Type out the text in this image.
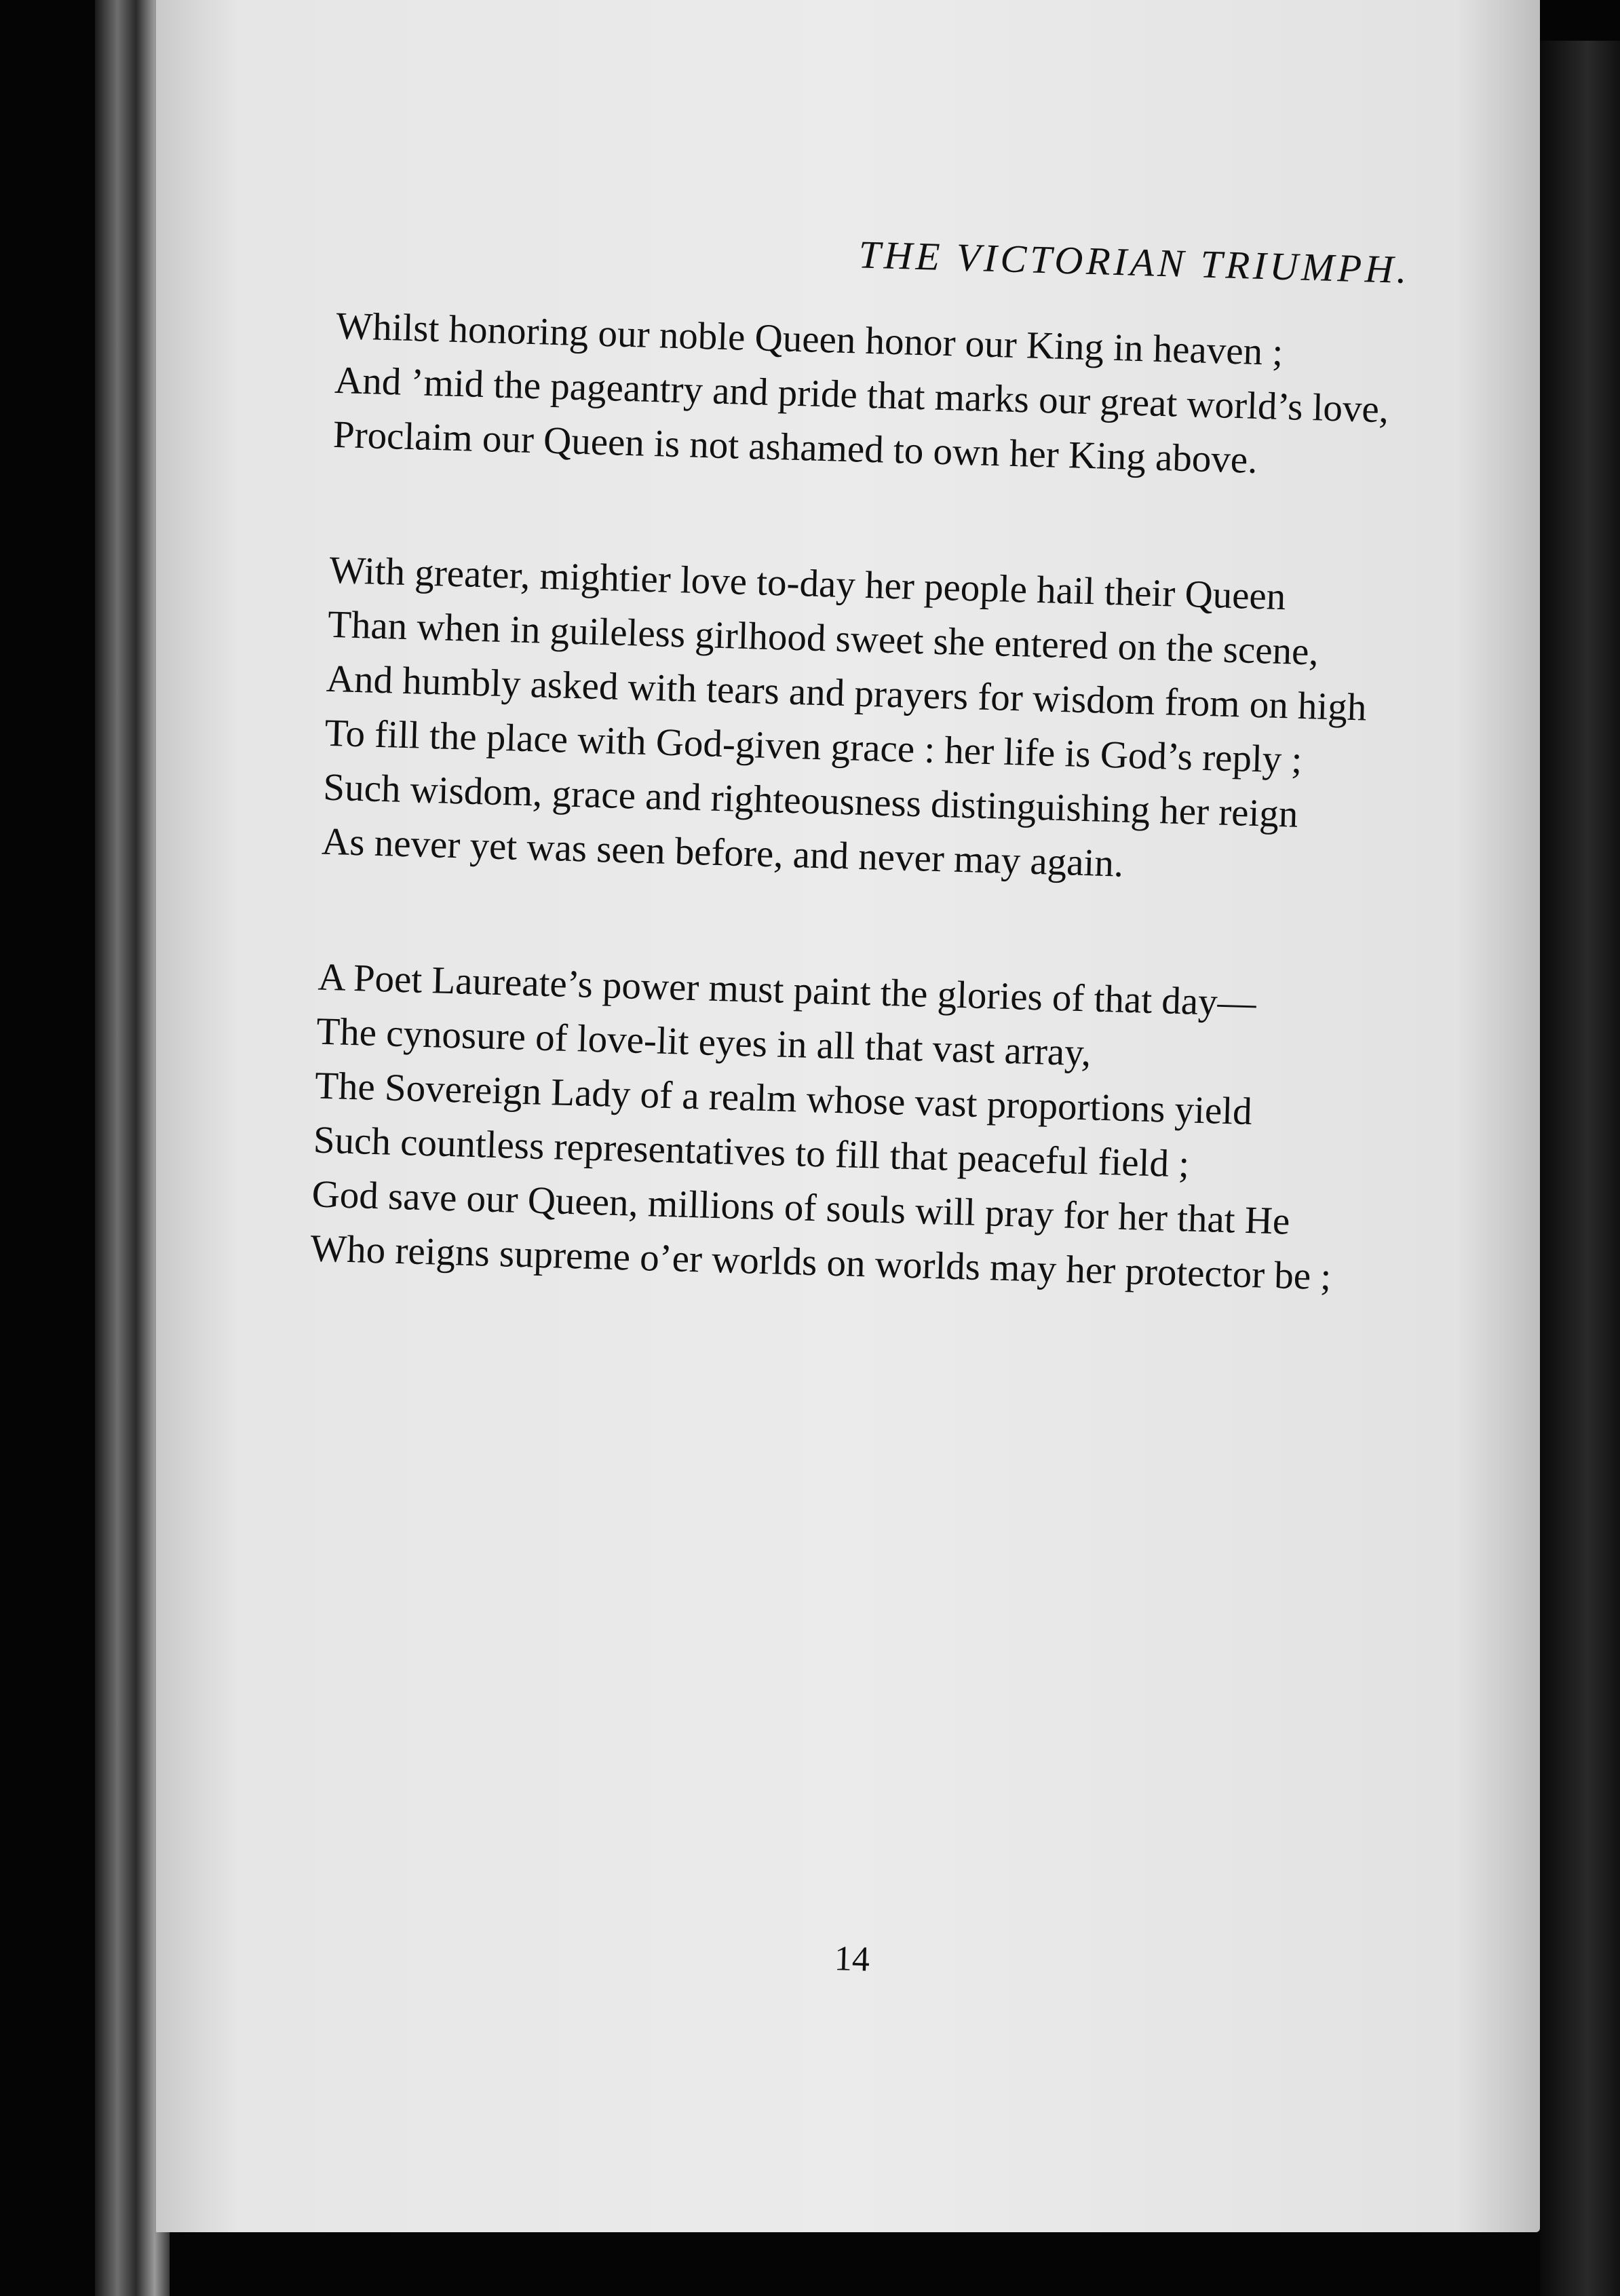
THE VICTORIAN TRIUMPH.
Whilst honoring our noble Queen honor our King in heaven ;
And ’mid the pageantry and pride that marks our great world’s love,
Proclaim our Queen is not ashamed to own her King above.
With greater, mightier love to-day her people hail their Queen
Than when in guileless girlhood sweet she entered on the scene,
And humbly asked with tears and prayers for wisdom from on high
To fill the place with God-given grace : her life is God’s reply ;
Such wisdom, grace and righteousness distinguishing her reign
As never yet was seen before, and never may again.
A Poet Laureate’s power must paint the glories of that day—
The cynosure of love-lit eyes in all that vast array,
The Sovereign Lady of a realm whose vast proportions yield
Such countless representatives to fill that peaceful field ;
God save our Queen, millions of souls will pray for her that He
Who reigns supreme o’er worlds on worlds may her protector be ;
14
